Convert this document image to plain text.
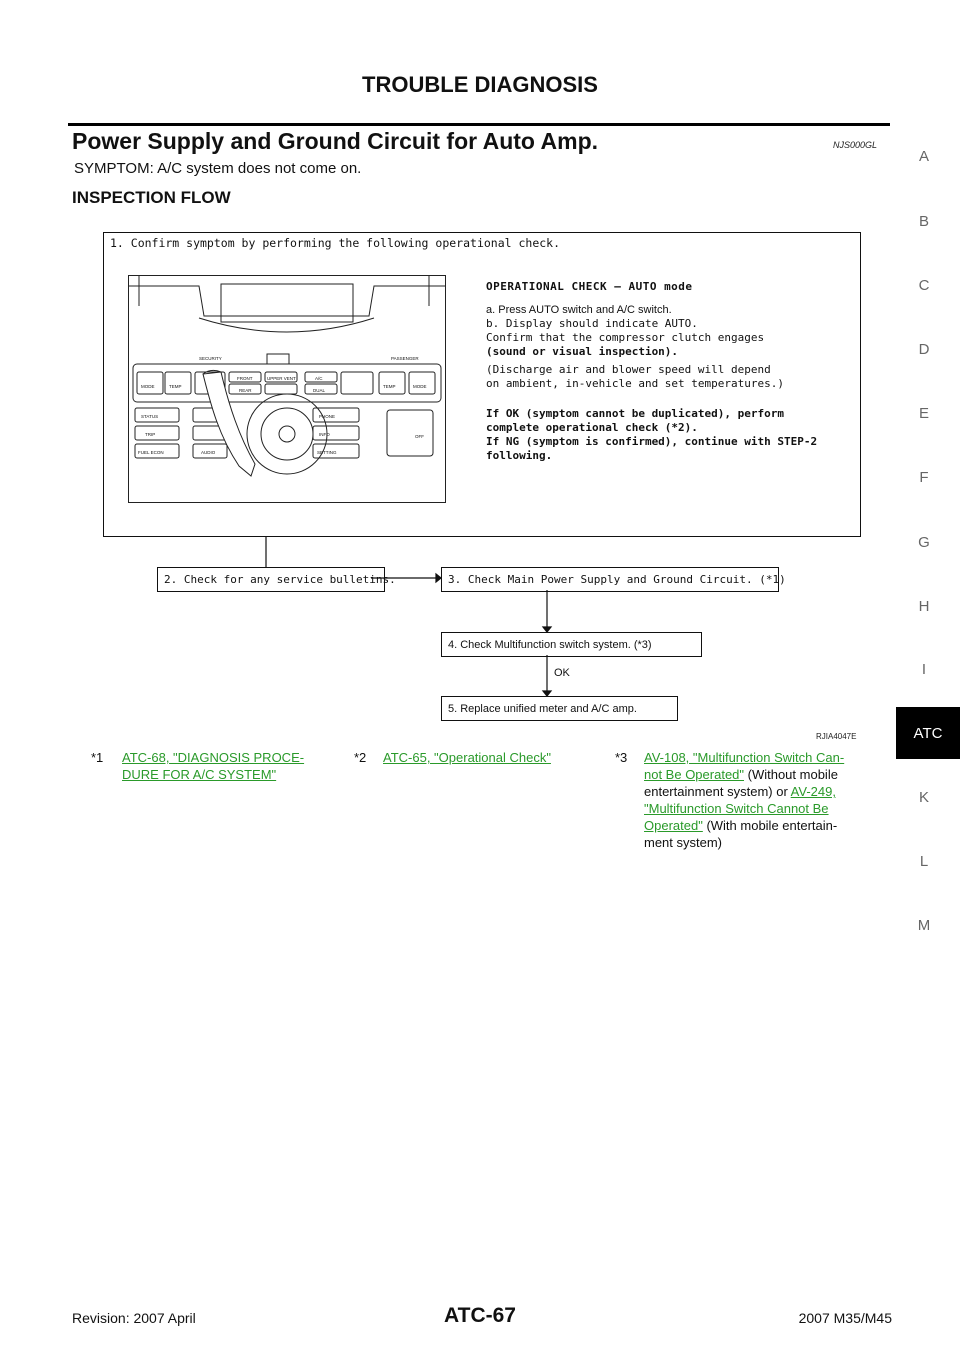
TROUBLE DIAGNOSIS
Power Supply and Ground Circuit for Auto Amp.	NJS000GL
SYMPTOM: A/C system does not come on.
INSPECTION FLOW
A
B
C
D
E
F
G
H
I
ATC
K
L
M
1. Confirm symptom by performing the following operational check.
SECURITY	PASSENGER
MODE	TEMP
FRONT
REAR
UPPER VENT	A/C
DUAL
TEMP	MODE
STATUS
TRIP
FUEL ECON	AUDIO
PHONE
INFO
SETTING
OFF
OPERATIONAL CHECK – AUTO mode
a. Press AUTO switch and A/C switch.
b. Display should indicate AUTO.
Confirm that the compressor clutch engages
(sound or visual inspection).
(Discharge air and blower speed will depend
on ambient, in-vehicle and set temperatures.)
If OK (symptom cannot be duplicated), perform
complete operational check (*2).
If NG (symptom is confirmed), continue with STEP-2
following.
2. Check for any service bulletins.	3. Check Main Power Supply and Ground Circuit. (*1)
4. Check Multifunction switch system. (*3)
OK
5. Replace unified meter and A/C amp.
RJIA4047E
*1 ATC-68, "DIAGNOSIS PROCE-
DURE FOR A/C SYSTEM"
*2 ATC-65, "Operational Check"	*3 AV-108, "Multifunction Switch Can-
not Be Operated" (Without mobile
entertainment system) or AV-249,
"Multifunction Switch Cannot Be
Operated" (With mobile entertain-
ment system)
Revision: 2007 April	ATC-67	2007 M35/M45
